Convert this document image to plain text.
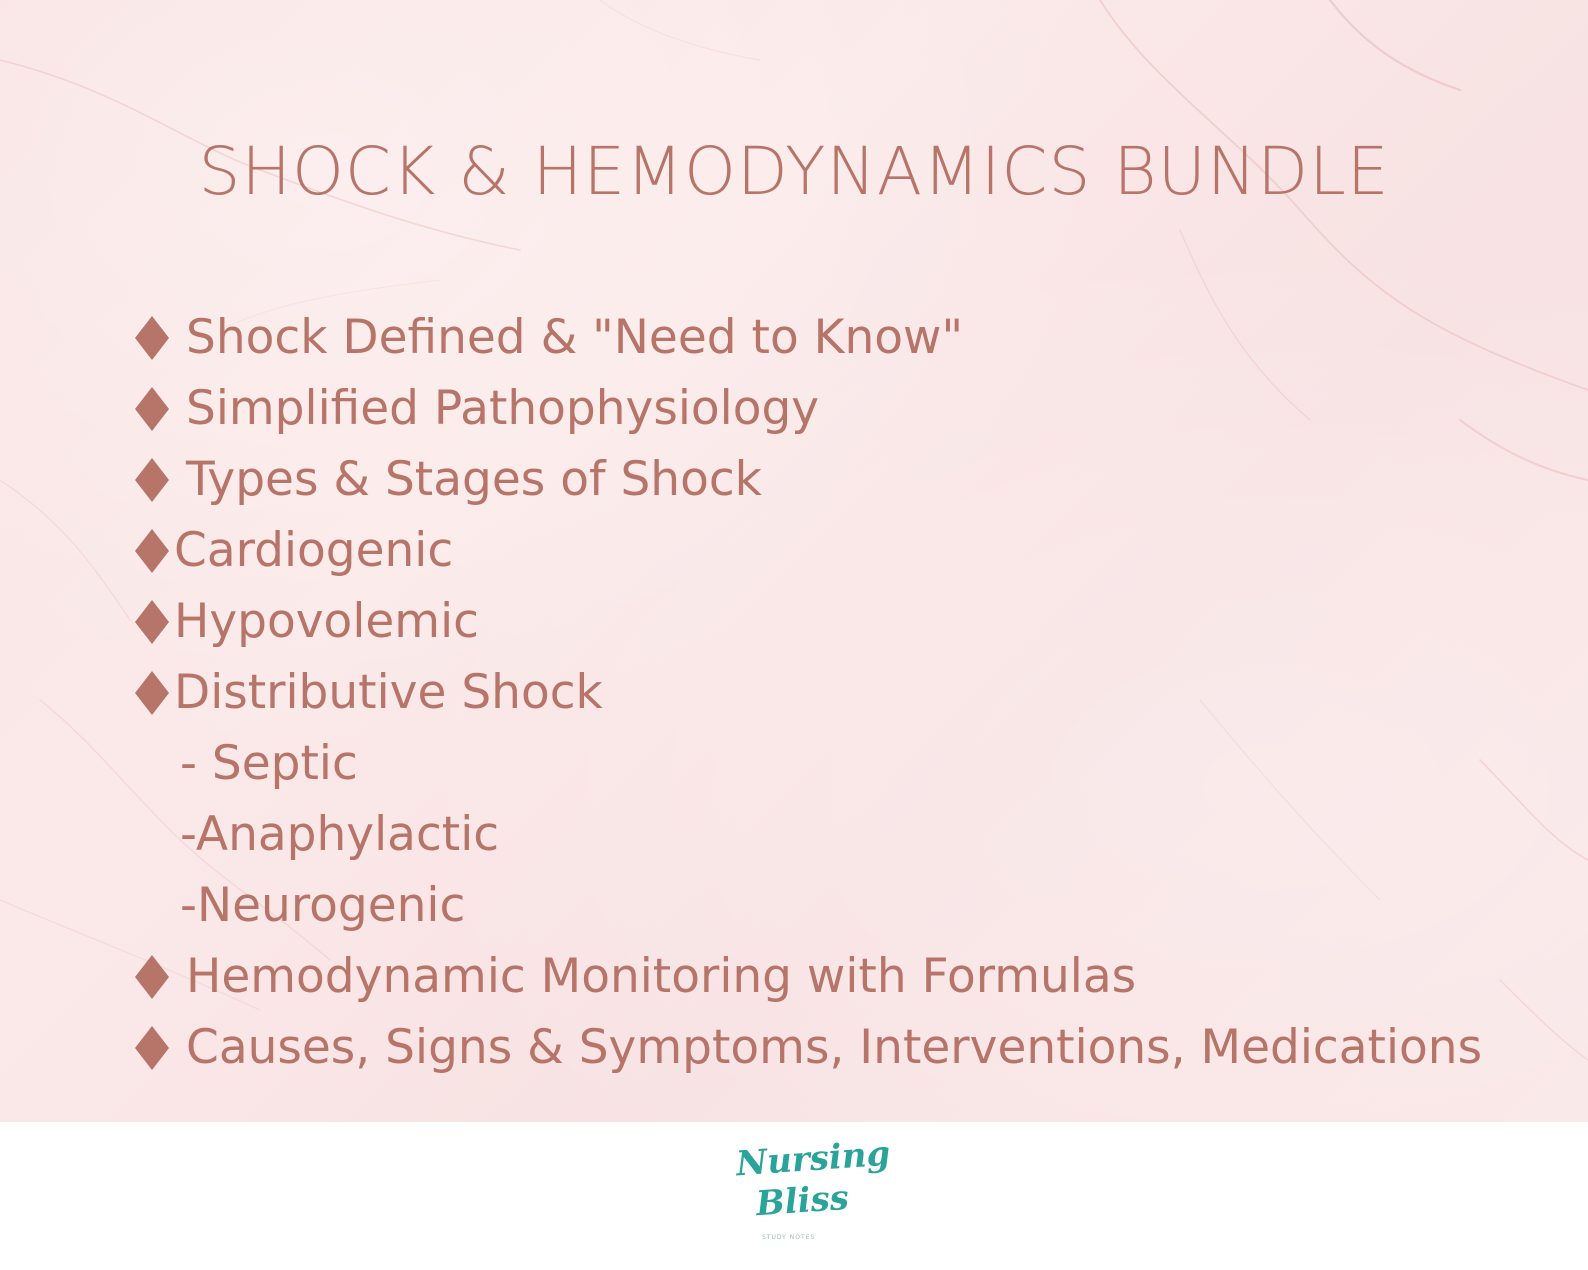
SHOCK & HEMODYNAMICS BUNDLE
Shock Defined & "Need to Know"
Simplified Pathophysiology
Types & Stages of Shock
Cardiogenic
Hypovolemic
Distributive Shock
- Septic
-Anaphylactic
-Neurogenic
Hemodynamic Monitoring with Formulas
Causes, Signs & Symptoms, Interventions, Medications
Nursing
Bliss
STUDY NOTES
